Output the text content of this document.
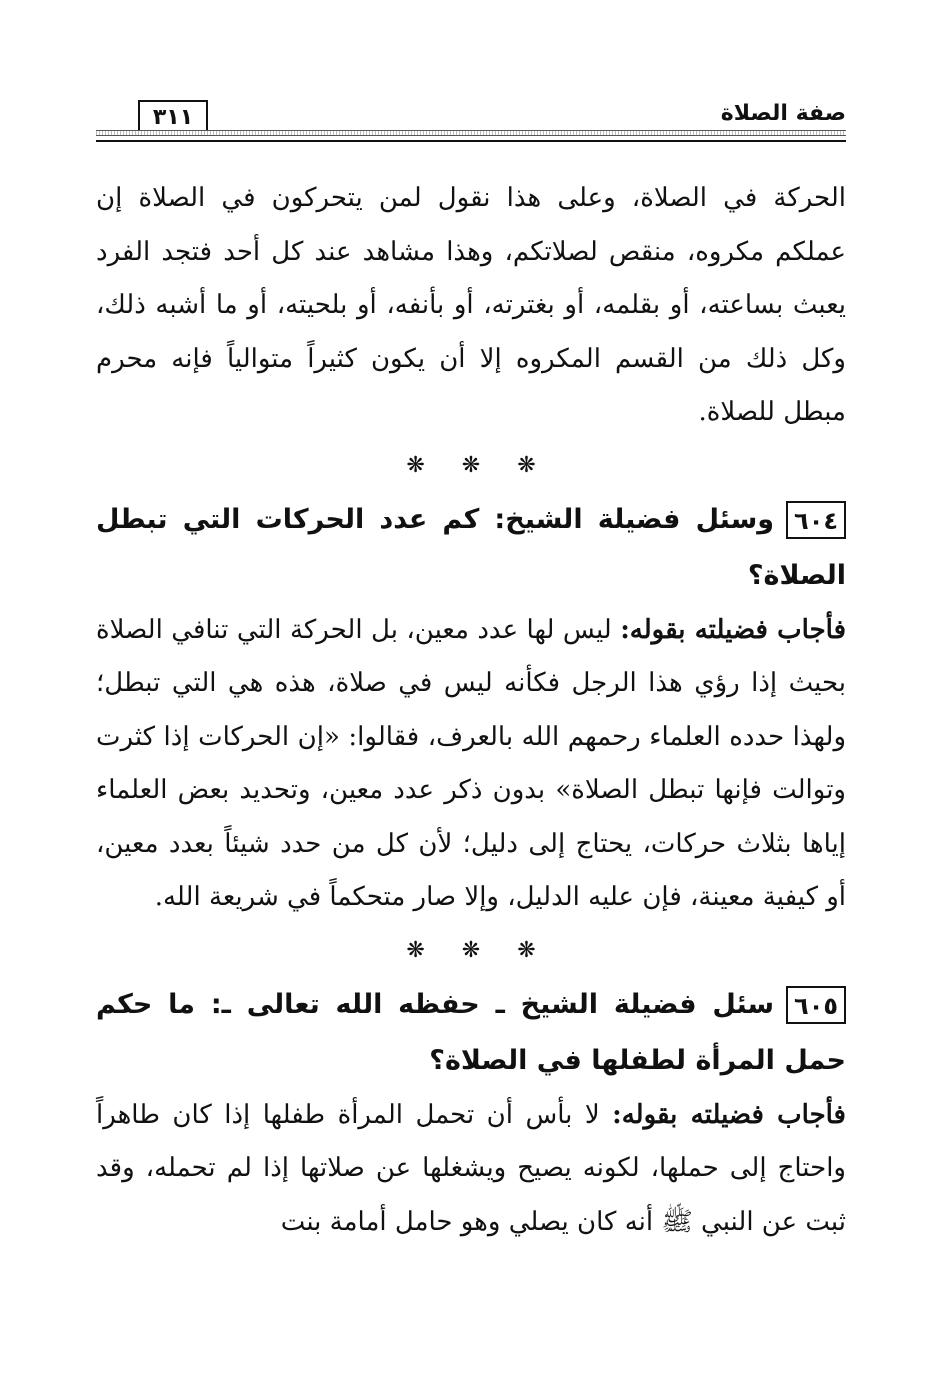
صفة الصلاة
٣١١

الحركة في الصلاة، وعلى هذا نقول لمن يتحركون في الصلاة إن عملكم مكروه، منقص لصلاتكم، وهذا مشاهد عند كل أحد فتجد الفرد يعبث بساعته، أو بقلمه، أو بغترته، أو بأنفه، أو بلحيته، أو ما أشبه ذلك، وكل ذلك من القسم المكروه إلا أن يكون كثيراً متوالياً فإنه محرم مبطل للصلاة.

❋ ❋ ❋

٦٠٤وسئل فضيلة الشيخ: كم عدد الحركات التي تبطل الصلاة؟

فأجاب فضيلته بقوله: ليس لها عدد معين، بل الحركة التي تنافي الصلاة بحيث إذا رؤي هذا الرجل فكأنه ليس في صلاة، هذه هي التي تبطل؛ ولهذا حدده العلماء رحمهم الله بالعرف، فقالوا: «إن الحركات إذا كثرت وتوالت فإنها تبطل الصلاة» بدون ذكر عدد معين، وتحديد بعض العلماء إياها بثلاث حركات، يحتاج إلى دليل؛ لأن كل من حدد شيئاً بعدد معين، أو كيفية معينة، فإن عليه الدليل، وإلا صار متحكماً في شريعة الله.

❋ ❋ ❋

٦٠٥سئل فضيلة الشيخ ـ حفظه الله تعالى ـ: ما حكم حمل المرأة لطفلها في الصلاة؟

فأجاب فضيلته بقوله: لا بأس أن تحمل المرأة طفلها إذا كان طاهراً واحتاج إلى حملها، لكونه يصيح ويشغلها عن صلاتها إذا لم تحمله، وقد ثبت عن النبي ﷺ أنه كان يصلي وهو حامل أمامة بنت
